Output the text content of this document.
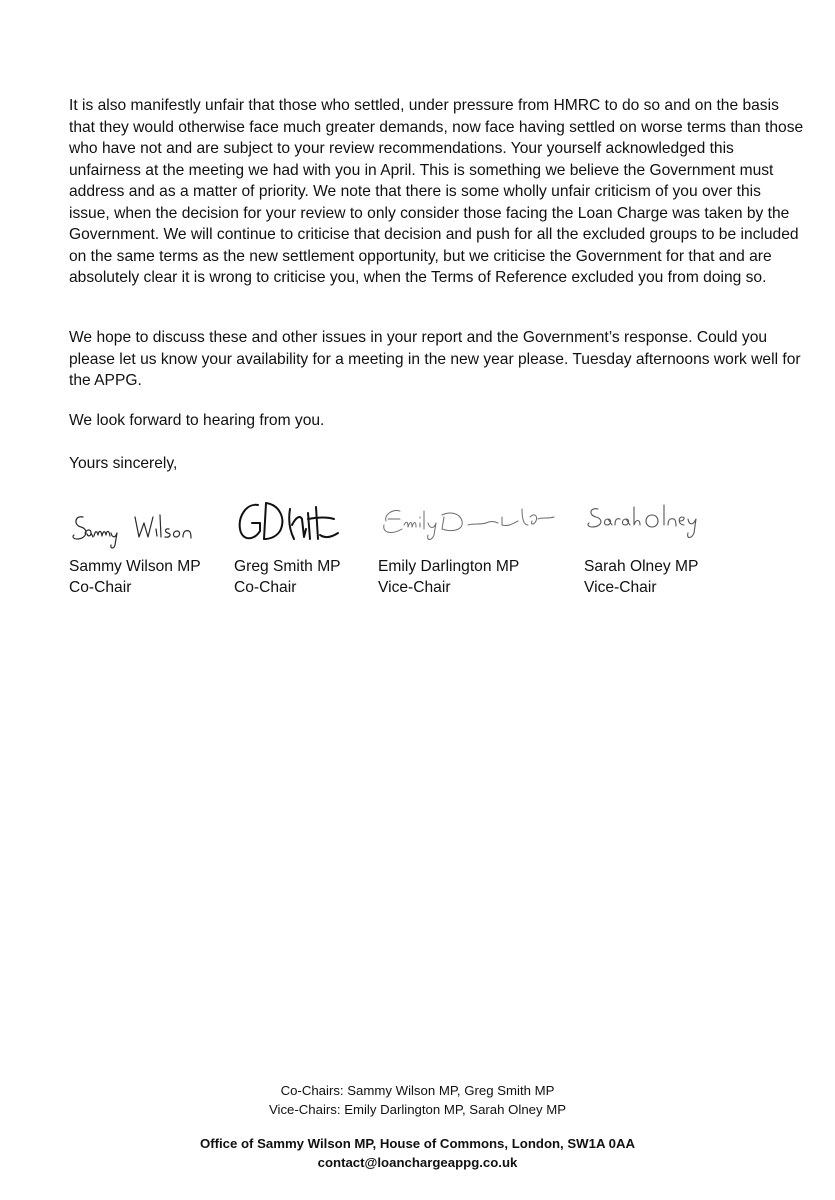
It is also manifestly unfair that those who settled, under pressure from HMRC to do so and on the basis that they would otherwise face much greater demands, now face having settled on worse terms than those who have not and are subject to your review recommendations. Your yourself acknowledged this unfairness at the meeting we had with you in April. This is something we believe the Government must address and as a matter of priority. We note that there is some wholly unfair criticism of you over this issue, when the decision for your review to only consider those facing the Loan Charge was taken by the Government. We will continue to criticise that decision and push for all the excluded groups to be included on the same terms as the new settlement opportunity, but we criticise the Government for that and are absolutely clear it is wrong to criticise you, when the Terms of Reference excluded you from doing so.

We hope to discuss these and other issues in your report and the Government’s response. Could you please let us know your availability for a meeting in the new year please. Tuesday afternoons work well for the APPG.

We look forward to hearing from you.

Yours sincerely,

Sammy Wilson MP

Co-Chair

Greg Smith MP

Co-Chair

Emily Darlington MP

Vice-Chair

Sarah Olney MP

Vice-Chair

Co-Chairs: Sammy Wilson MP, Greg Smith MP

Vice-Chairs: Emily Darlington MP, Sarah Olney MP

Office of Sammy Wilson MP, House of Commons, London, SW1A 0AA

contact@loanchargeappg.co.uk
